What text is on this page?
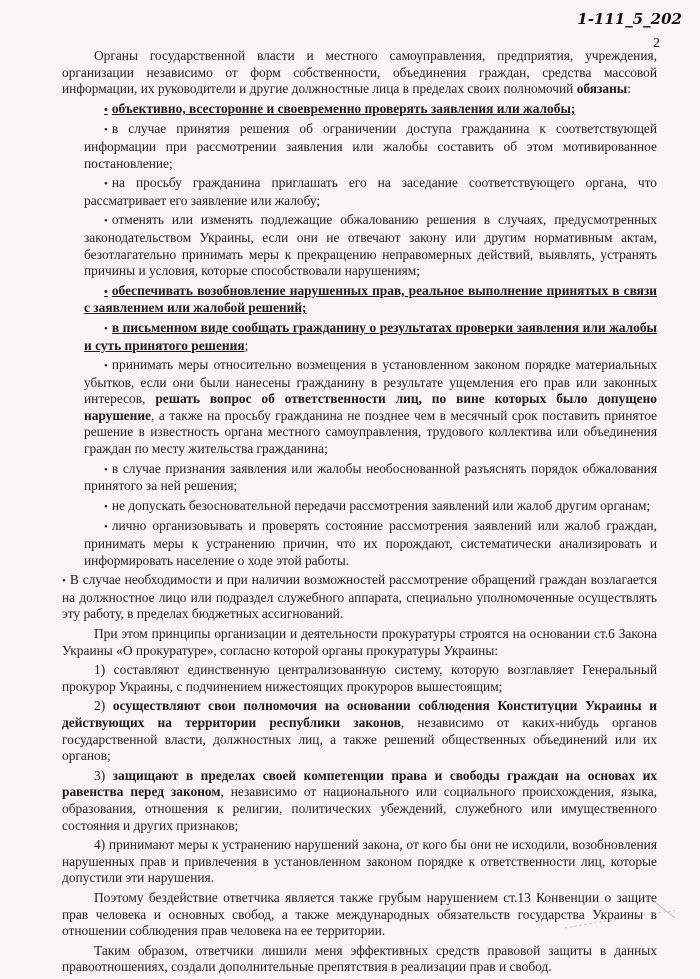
1-111_5_202
2

Органы государственной власти и местного самоуправления, предприятия, учреждения, организации независимо от форм собственности, объединения граждан, средства массовой информации, их руководители и другие должностные лица в пределах своих полномочий обязаны:

• объективно, всесторонне и своевременно проверять заявления или жалобы;

• в случае принятия решения об ограничении доступа гражданина к соответствующей информации при рассмотрении заявления или жалобы составить об этом мотивированное постановление;

• на просьбу гражданина приглашать его на заседание соответствующего органа, что рассматривает его заявление или жалобу;

• отменять или изменять подлежащие обжалованию решения в случаях, предусмотренных законодательством Украины, если они не отвечают закону или другим нормативным актам, безотлагательно принимать меры к прекращению неправомерных действий, выявлять, устранять причины и условия, которые способствовали нарушениям;

• обеспечивать возобновление нарушенных прав, реальное выполнение принятых в связи с заявлением или жалобой решений;

• в письменном виде сообщать гражданину о результатах проверки заявления или жалобы и суть принятого решения;

• принимать меры относительно возмещения в установленном законом порядке материальных убытков, если они были нанесены гражданину в результате ущемления его прав или законных интересов, решать вопрос об ответственности лиц, по вине которых было допущено нарушение, а также на просьбу гражданина не позднее чем в месячный срок поставить принятое решение в известность органа местного самоуправления, трудового коллектива или объединения граждан по месту жительства гражданина;

• в случае признания заявления или жалобы необоснованной разъяснять порядок обжалования принятого за ней решения;

• не допускать безосновательной передачи рассмотрения заявлений или жалоб другим органам;

• лично организовывать и проверять состояние рассмотрения заявлений или жалоб граждан, принимать меры к устранению причин, что их порождают, систематически анализировать и информировать население о ходе этой работы.

• В случае необходимости и при наличии возможностей рассмотрение обращений граждан возлагается на должностное лицо или подраздел служебного аппарата, специально уполномоченные осуществлять эту работу, в пределах бюджетных ассигнований.

При этом принципы организации и деятельности прокуратуры строятся на основании ст.6 Закона Украины «О прокуратуре», согласно которой органы прокуратуры Украины:

1) составляют единственную централизованную систему, которую возглавляет Генеральный прокурор Украины, с подчинением нижестоящих прокуроров вышестоящим;

2) осуществляют свои полномочия на основании соблюдения Конституции Украины и действующих на территории республики законов, независимо от каких-нибудь органов государственной власти, должностных лиц, а также решений общественных объединений или их органов;

3) защищают в пределах своей компетенции права и свободы граждан на основах их равенства перед законом, независимо от национального или социального происхождения, языка, образования, отношения к религии, политических убеждений, служебного или имущественного состояния и других признаков;

4) принимают меры к устранению нарушений закона, от кого бы они не исходили, возобновления нарушенных прав и привлечения в установленном законом порядке к ответственности лиц, которые допустили эти нарушения.

Поэтому бездействие ответчика является также грубым нарушением ст.13 Конвенции о защите прав человека и основных свобод, а также международных обязательств государства Украины в отношении соблюдения прав человека на ее территории.

Таким образом, ответчики лишили меня эффективных средств правовой защиты в данных правоотношениях, создали дополнительные препятствия в реализации прав и свобод.
